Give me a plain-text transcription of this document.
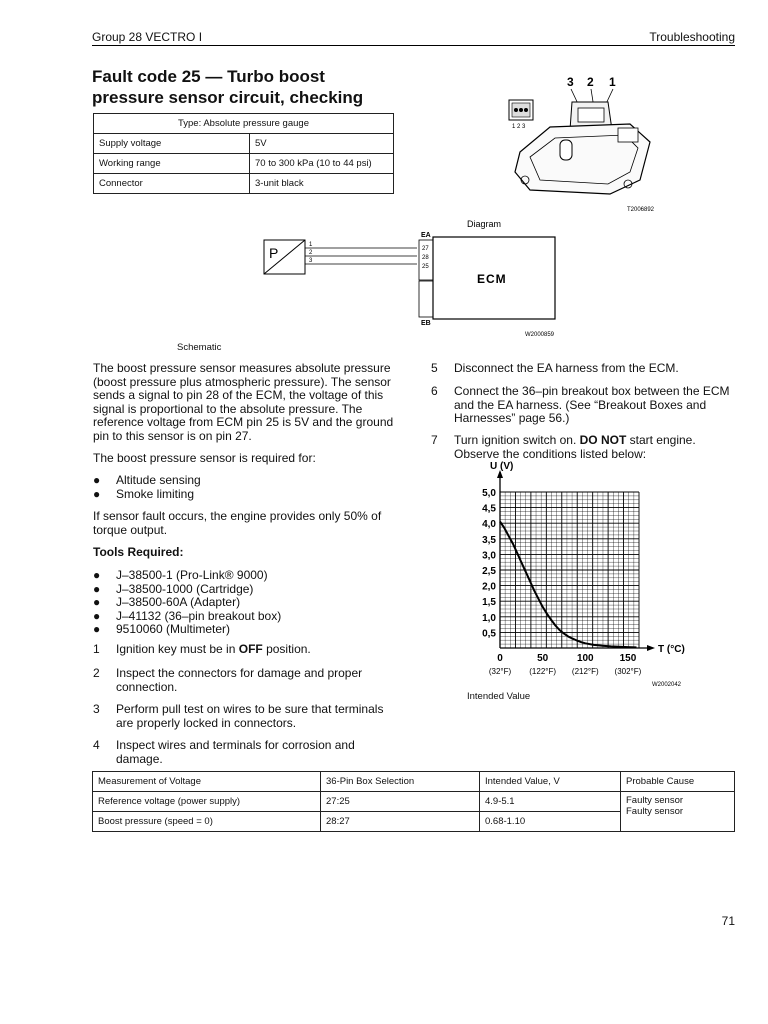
Group 28 VECTRO I	Troubleshooting
Fault code 25 — Turbo boost pressure sensor circuit, checking
Type: Absolute pressure gauge	
Supply voltage	5V
Working range	70 to 300 kPa (10 to 44 psi)
Connector	3-unit black
3 2 1
1 2 3
T2006892
Diagram
P	1
2
3
EA
27
28
25
EB
ECM
W2000859
Schematic
The boost pressure sensor measures absolute pressure (boost pressure plus atmospheric pressure). The sensor sends a signal to pin 28 of the ECM, the voltage of this signal is proportional to the absolute pressure. The reference voltage from ECM pin 25 is 5V and the ground pin to this sensor is on pin 27.
The boost pressure sensor is required for:
●	Altitude sensing
●	Smoke limiting
If sensor fault occurs, the engine provides only 50% of torque output.
Tools Required:
●	J–38500-1 (Pro-Link® 9000)
●	J–38500-1000 (Cartridge)
●	J–38500-60A (Adapter)
●	J–41132 (36–pin breakout box)
●	9510060 (Multimeter)
1	Ignition key must be in OFF position.
2	Inspect the connectors for damage and proper connection.
3	Perform pull test on wires to be sure that terminals are properly locked in connectors.
4	Inspect wires and terminals for corrosion and damage.
5	Disconnect the EA harness from the ECM.
6	Connect the 36–pin breakout box between the ECM and the EA harness. (See “Breakout Boxes and Harnesses” page 56.)
7	Turn ignition switch on. DO NOT start engine. Observe the conditions listed below:
0,5
1,0
1,5
2,0
2,5
3,0
3,5
4,0
4,5
5,0
0
(32°F)
50
(122°F)
100
(212°F)
150
(302°F)
U (V)
T (°C)
W2002042
Intended Value
Measurement of Voltage	36-Pin Box Selection	Intended Value, V	Probable Cause
Reference voltage (power supply)	27:25	4.9-5.1	Faulty sensor
Faulty sensor

Boost pressure (speed = 0)	28:27	0.68-1.10	
71
